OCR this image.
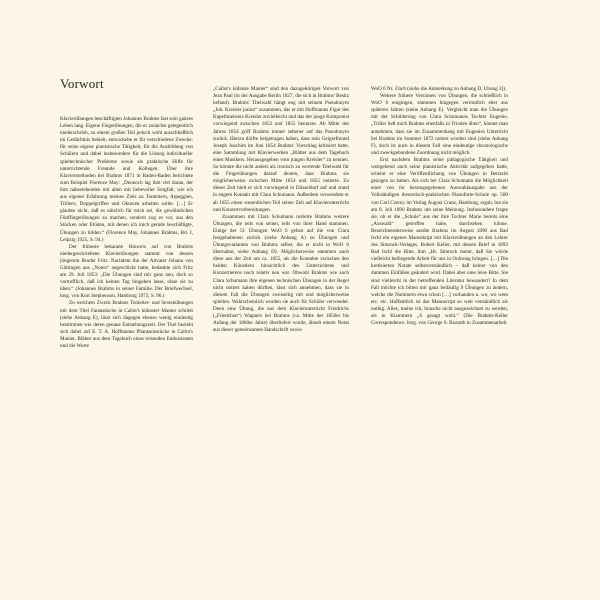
Vorwort

Klavierübungen beschäftigten Johannes Brahms fast sein ganzes Leben lang. Eigene Fingerübungen, die er zunächst gelegentlich niederschrieb, zu einem großen Teil jedoch wohl ausschließlich im Gedächtnis behielt, entwickelte er für verschiedene Zwecke: für seine eigene pianistische Tätigkeit, für die Ausbildung von Schülern und dabei insbesondere für die Lösung individueller spieltechnischer Probleme sowie als praktische Hilfe für unterrichtende Freunde und Kollegen. Über ihre Klaviermethoden bei Brahms 1871 in Baden-Baden berichtete zum Beispiel Florence May: „Dennoch lag ihm viel daran, der ihm nahestehenden mit allen mit liebevoller Sorgfalt, wie ich aus eigener Erfahrung meines Ziels zu Tonleitern, Arpeggien, Trillern, Doppelgriffen und Oktaven arbeiten sollte. […] Er glaubte nicht, daß es nützlich für mich sei, die gewöhnlichen Fünffingerübungen zu machen, sondern zog es vor, aus den Stücken oder Etüden, mit denen ich mich gerade beschäftigte, Übungen zu bilden.“ (Florence May, Johannes Brahms, Bd. I, Leipzig 1925, S. 94.)

Der früheste bekannte Hinweis auf von Brahms niedergeschriebene Klavierübungen stammt von dessen jüngerem Bruder Fritz. Nachdem ihn der Altvater Johann von Göttingen aus „Noten“ angeschickt hatte, bedankte sich Fritz am 29. Juli 1853: „Die Übungen sind mir ganz neu, doch so vortrefflich, daß ich keinen Tag hingehen lasse, ohne sie zu üben.“ (Johannes Brahms in seiner Familie. Der Briefwechsel, hrsg. von Kurt Stephenson, Hamburg 1973, S. 96.)

Zu welchem Zweck Brahms Tonleiter- und Sextenübungen mit dem Titel Fantastische in Callot's kühnster Manier schrieb (siehe Anhang E), lässt sich dagegen ebenso wenig eindeutig bestimmen wie deren genaue Entstehungszeit. Der Titel bezieht sich dabei auf E. T. A. Hoffmanns Phantasiestücke in Callot's Manier. Blätter aus dem Tagebuch eines reisenden Enthusiasten und die Worte

„Callot's kühnste Manier“ sind den dazugehörigen Vorwort von Jean Paul (in der Ausgabe Berlin 1827, die sich in Brahms' Besitz befand). Brahms' Titelwahl hängt eng mit seinem Pseudonym „Joh. Kreisler junior“ zusammen, das er mit Hoffmanns Figur des Kapellmeisters Kreisler zuvielleicht und das der junge Komponist vorwiegend zwischen 1852 und 1855 benutzte. Ab Mitte des Jahres 1854 griff Brahms immer seltener auf das Pseudonym zurück. Hierzu dürfte beigetragen haben, dass sein Geigerfreund Joseph Joachim im Juni 1854 Brahms' Vorschlag kritisiert hatte, eine Sammlung mit Klavierwerken „Blätter aus dem Tagebuch eines Musikers. Herausgegeben vom jungen Kreisler“ zu nennen. So könnte die nicht anders als ironisch zu wertende Titelwahl für die Fingerübungen darauf deuten, dass Brahms sie möglicherweise zwischen Mitte 1854 und 1855 notierte. Zu dieser Zeit hielt er sich vorwiegend in Düsseldorf auf und stand in engem Kontakt mit Clara Schumann. Außerdem verwendete er ab 1855 einen wesentlichen Teil seiner Zeit auf Klavierunterricht und Konzertvorbereitungen.

Zusammen mit Clara Schumann notierte Brahms weitere Übungen, die teils von seiner, teils von ihrer Hand stammen. Einige der 51 Übungen WoO 6 gehen auf die von Clara festgehaltenen zurück (siehe Anhang A) zu Übungen und Übungsvarianten von Brahms selbst, die er nicht in WoO 6 übernahm, siehe Anhang D). Möglicherweise stammen auch diese aus der Zeit um ca. 1855, als die Kontakte zwischen den beiden Künstlern hinsichtlich des Unterrichtens und Konzertierens noch relativ neu war. Obwohl Brahms wie auch Clara Schumann ihre eigenen technischen Übungen in der Regel nicht notiert haben dürften, lässt sich annehmen, dass sie in diesem Fall die Übungen zweiseitig mit und möglicherweise spielten. Wahrscheinlich wurden sie auch für Schüler verwendet. Denn eine Übung, die aus dem Klavierunterricht Friedrichs („Friedchen“) Wagners bei Brahms (ca. Mitte der 1850er bis Anfang der 1860er Jahre) überliefert wurde, ähnelt einem Notat aus dieser gemeinsamen Handschrift sowie

WoO 6 Nr. 33a/b (siehe die Anmerkung zu Anhang D, Übung 3]).

Weitere frühere Versionen von Übungen, die schließlich in WoO 6 eingingen, stammen hingegen vermutlich eher aus späteren Jahren (siehe Anhang E). Vergleicht man die Übungen mit der Schilderung von Clara Schumanns Tochter Eugenie, „Triller ließ mich Brahms ebenfalls in Trioden üben“, könnte man annehmen, dass sie im Zusammenhang mit Eugenies Unterricht bei Brahms im Sommer 1872 notiert worden sind (siehe Anhang F), doch ist auch in diesem Fall eine eindeutige chronologische und zweckgebundene Zuordnung nicht möglich.

Erst nachdem Brahms seine pädagogische Tätigkeit und weitgehend auch seine pianistische Aktivität aufgegeben hatte, scheint er eine Veröffentlichung von Übungen in Betracht gezogen zu haben. Als sich bei Clara Schumann die Möglichkeit einer von ihr herausgegebenen Auswahlausgabe aus der Vollständigen theoretisch-praktischen Pianoforte-Schule op. 500 von Carl Czerny im Verlag August Cranz, Hamburg, ergab, bot sie am 8. Juli 1890 Brahms um seine Meinung. Insbesondere fragte sie, ob er die „Schule“ aus der ihre Tochter Marie bereits eine „Auswahl“ getroffen habe, durchsehen könne. Bezeichnenderweise sandte Brahms im August 1890 aus Bad Ischl ein eigenes Manuskript mit Klavierübungen an den Lektor des Simrock-Verlages, Robert Keller, mit dessen Brief in 1893 Bad Ischl die Bitte, ihm „Hr. Simrock meint, daß Sie würde vielleicht beiliegende Arbeit für uns in Ordnung bringen. […] Die kretisierten Notate selbstverständlich – daß keiner von den dummen Einfällen geändert wird. Dabei aber eine leise Bitte. Sie sind vielleicht in der betreffenden Literatur bewandert? In dem Fall möchte ich bitten mir ganz beiläufig 9 Übungen zu ändern, welche die Nummern etwa schon […] vorhanden u. wo, wo wem etc. etc. Hoffentlich ist das Manuscript so weit verständlich als nothig. Alles, meine ich, brauche nicht ausgezeichnet zu werden, als in Klammern „S gesagt wohl.“ (Die Brahms-Keller Correspondence, hrsg. von George S. Bozarth in Zusammenarbeit
